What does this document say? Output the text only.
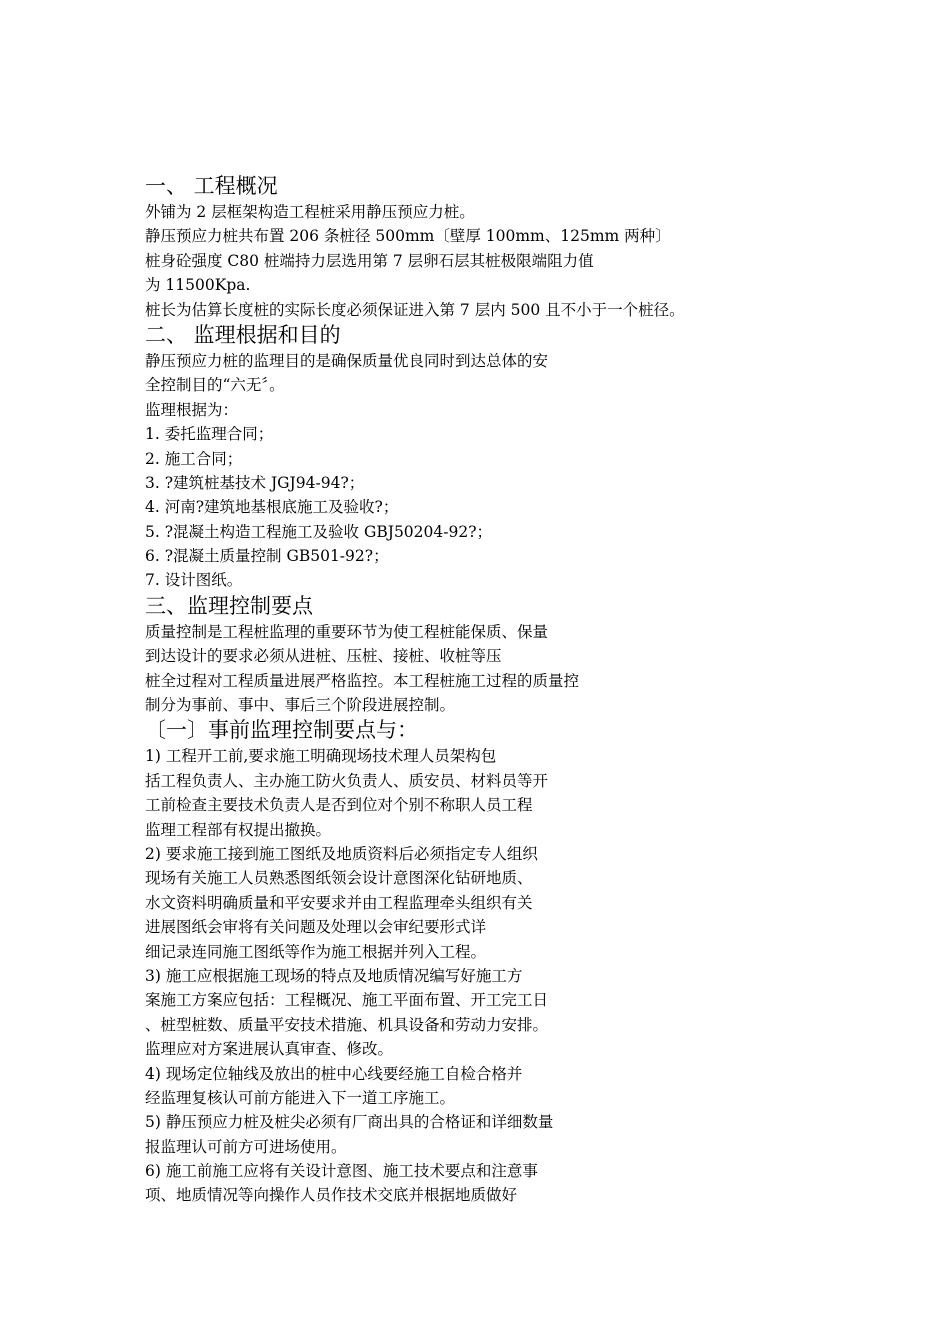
一、 工程概况
外铺为 2 层框架构造工程桩采用静压预应力桩。
静压预应力桩共布置 206 条桩径 500mm〔壁厚 100mm、125mm 两种〕
桩身砼强度 C80 桩端持力层选用第 7 层卵石层其桩极限端阻力值
为 11500Kpa.
桩长为估算长度桩的实际长度必须保证进入第 7 层内 500 且不小于一个桩径。
二、 监理根据和目的
静压预应力桩的监理目的是确保质量优良同时到达总体的安
全控制目的“六无〞。
监理根据为：
1. 委托监理合同；
2. 施工合同；
3. ?建筑桩基技术 JGJ94-94?；
4. 河南?建筑地基根底施工及验收?；
5. ?混凝土构造工程施工及验收 GBJ50204-92?；
6. ?混凝土质量控制 GB501-92?；
7. 设计图纸。
三、监理控制要点
质量控制是工程桩监理的重要环节为使工程桩能保质、保量
到达设计的要求必须从进桩、压桩、接桩、收桩等压
桩全过程对工程质量进展严格监控。本工程桩施工过程的质量控
制分为事前、事中、事后三个阶段进展控制。
〔一〕事前监理控制要点与：
1) 工程开工前,要求施工明确现场技术理人员架构包
括工程负责人、主办施工防火负责人、质安员、材料员等开
工前检查主要技术负责人是否到位对个别不称职人员工程
监理工程部有权提出撤换。
2) 要求施工接到施工图纸及地质资料后必须指定专人组织
现场有关施工人员熟悉图纸领会设计意图深化钻研地质、
水文资料明确质量和平安要求并由工程监理牵头组织有关
进展图纸会审将有关问题及处理以会审纪要形式详
细记录连同施工图纸等作为施工根据并列入工程。
3) 施工应根据施工现场的特点及地质情况编写好施工方
案施工方案应包括：工程概况、施工平面布置、开工完工日
、桩型桩数、质量平安技术措施、机具设备和劳动力安排。
监理应对方案进展认真审查、修改。
4) 现场定位轴线及放出的桩中心线要经施工自检合格并
经监理复核认可前方能进入下一道工序施工。
5) 静压预应力桩及桩尖必须有厂商出具的合格证和详细数量
报监理认可前方可进场使用。
6) 施工前施工应将有关设计意图、施工技术要点和注意事
项、地质情况等向操作人员作技术交底并根据地质做好
